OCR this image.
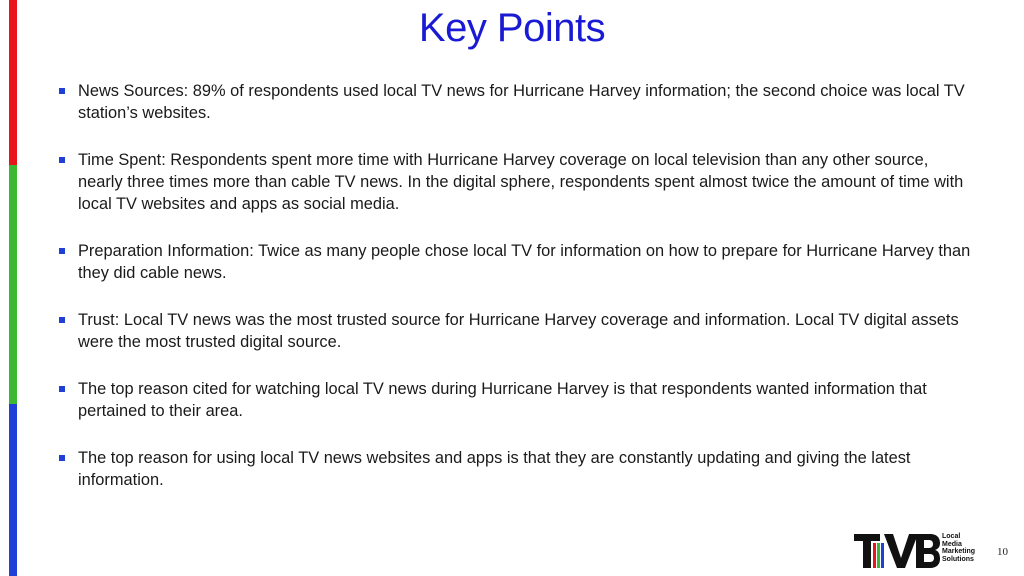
Key Points
News Sources: 89% of respondents used local TV news for Hurricane Harvey information; the second choice was local TV station’s websites.
Time Spent: Respondents spent more time with Hurricane Harvey coverage on local television than any other source, nearly three times more than cable TV news. In the digital sphere, respondents spent almost twice the amount of time with local TV websites and apps as social media.
Preparation Information: Twice as many people chose local TV for information on how to prepare for Hurricane Harvey than they did cable news.
Trust: Local TV news was the most trusted source for Hurricane Harvey coverage and information. Local TV digital assets were the most trusted digital source.
The top reason cited for watching local TV news during Hurricane Harvey is that respondents wanted information that pertained to their area.
The top reason for using local TV news websites and apps is that they are constantly updating and giving the latest information.
Local
Media
Marketing
Solutions
10
